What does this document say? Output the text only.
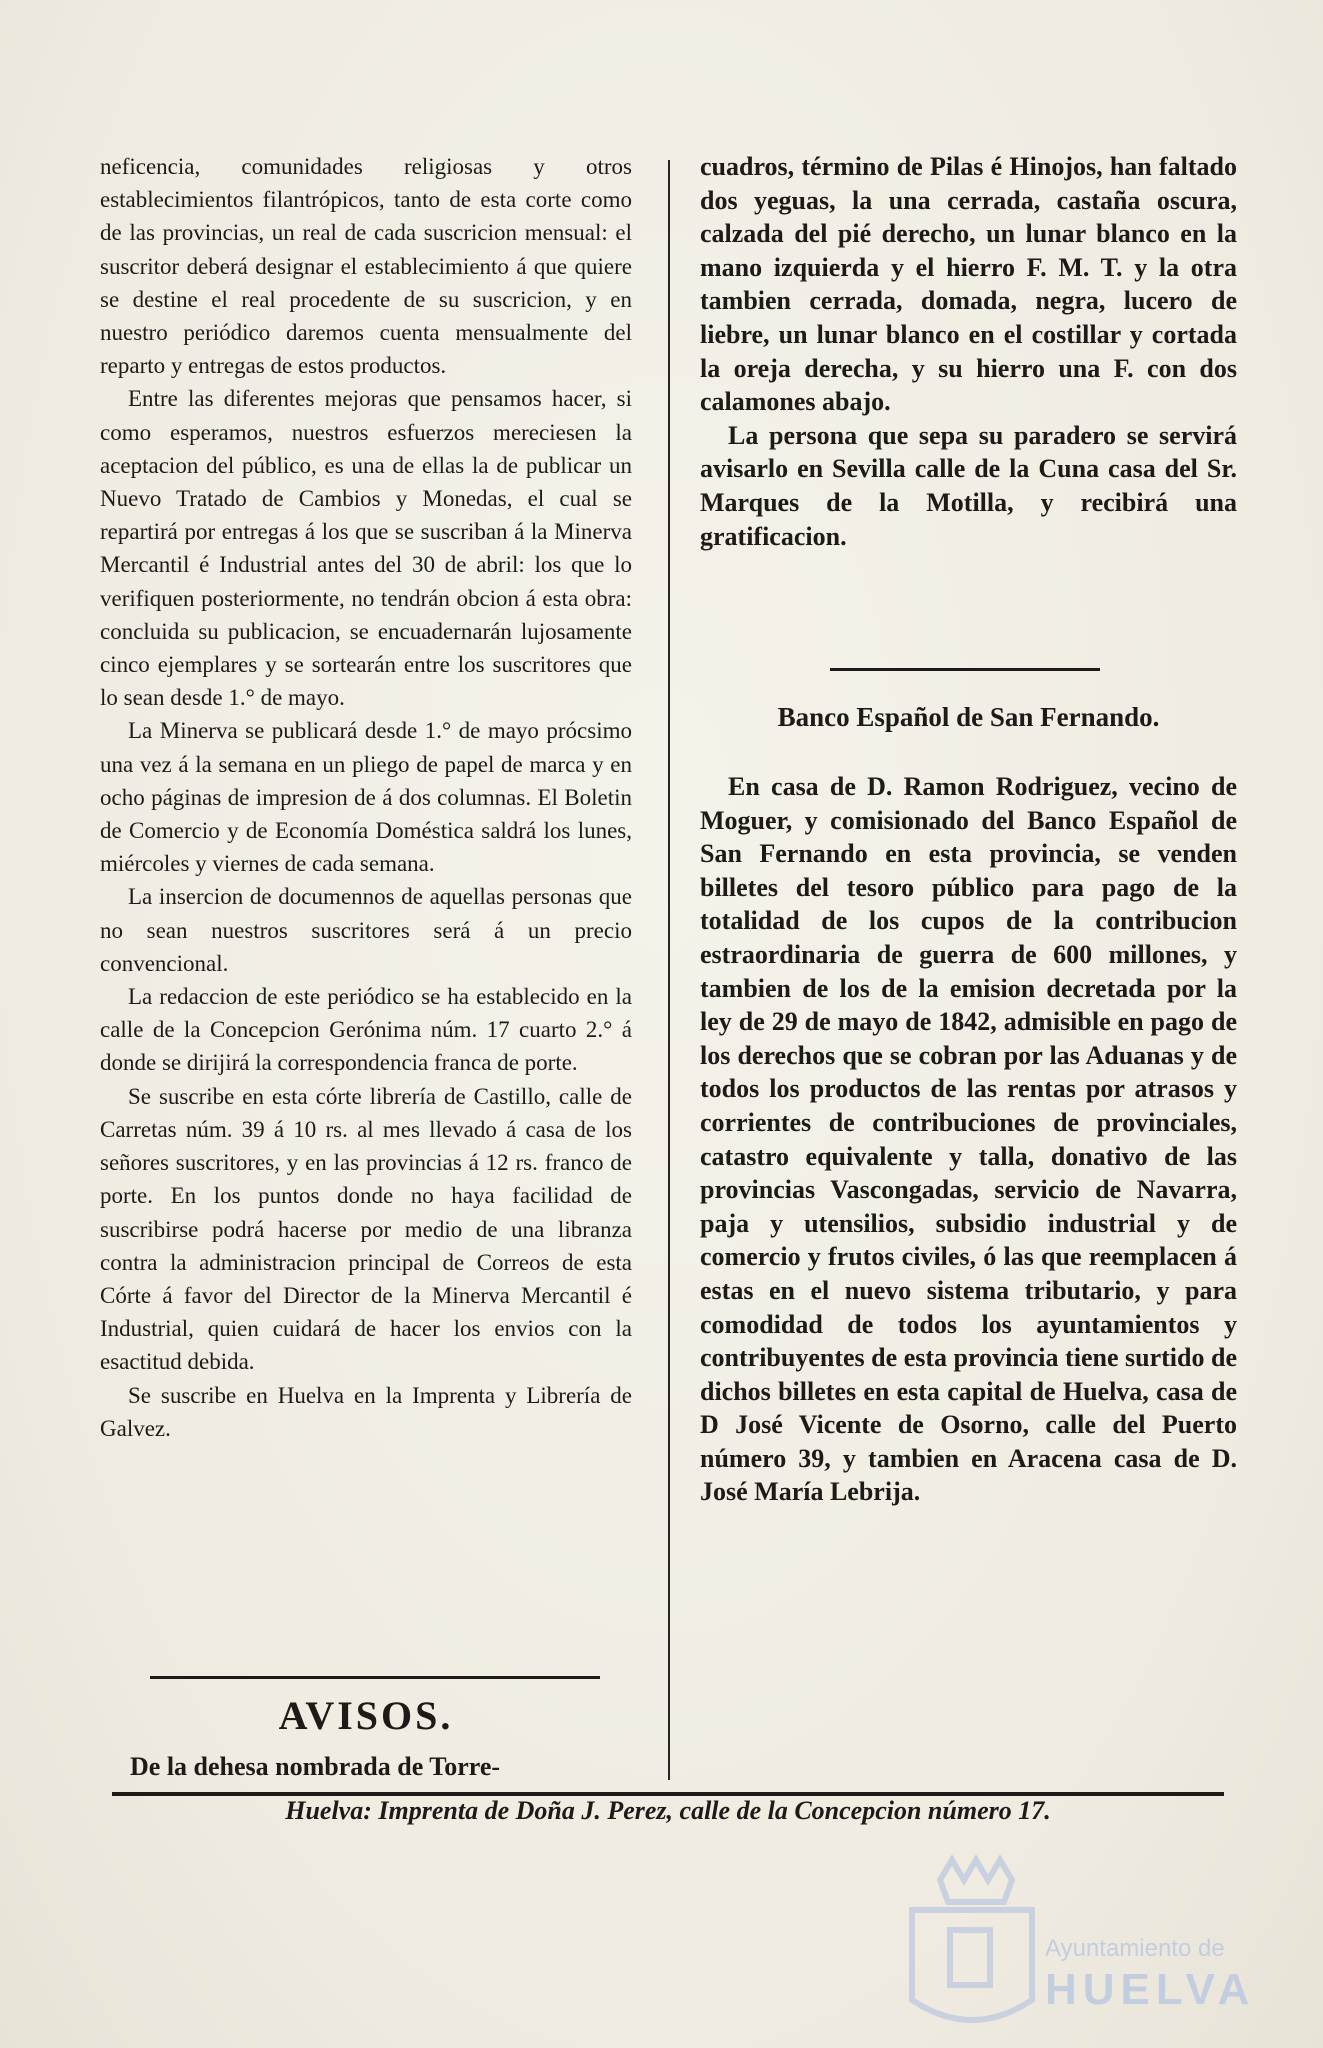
neficencia, comunidades religiosas y otros establecimientos filantrópicos, tanto de esta corte como de las provincias, un real de cada suscricion mensual: el suscritor deberá designar el establecimiento á que quiere se destine el real procedente de su suscricion, y en nuestro periódico daremos cuenta mensualmente del reparto y entregas de estos productos.

Entre las diferentes mejoras que pensamos hacer, si como esperamos, nuestros esfuerzos mereciesen la aceptacion del público, es una de ellas la de publicar un Nuevo Tratado de Cambios y Monedas, el cual se repartirá por entregas á los que se suscriban á la Minerva Mercantil é Industrial antes del 30 de abril: los que lo verifiquen posteriormente, no tendrán obcion á esta obra: concluida su publicacion, se encuadernarán lujosamente cinco ejemplares y se sortearán entre los suscritores que lo sean desde 1.° de mayo.

La Minerva se publicará desde 1.° de mayo prócsimo una vez á la semana en un pliego de papel de marca y en ocho páginas de impresion de á dos columnas. El Boletin de Comercio y de Economía Doméstica saldrá los lunes, miércoles y viernes de cada semana.

La insercion de documennos de aquellas personas que no sean nuestros suscritores será á un precio convencional.

La redaccion de este periódico se ha establecido en la calle de la Concepcion Gerónima núm. 17 cuarto 2.° á donde se dirijirá la correspondencia franca de porte.

Se suscribe en esta córte librería de Castillo, calle de Carretas núm. 39 á 10 rs. al mes llevado á casa de los señores suscritores, y en las provincias á 12 rs. franco de porte. En los puntos donde no haya facilidad de suscribirse podrá hacerse por medio de una libranza contra la administracion principal de Correos de esta Córte á favor del Director de la Minerva Mercantil é Industrial, quien cuidará de hacer los envios con la esactitud debida.

Se suscribe en Huelva en la Imprenta y Librería de Galvez.

AVISOS.
De la dehesa nombrada de Torre-

cuadros, término de Pilas é Hinojos, han faltado dos yeguas, la una cerrada, castaña oscura, calzada del pié derecho, un lunar blanco en la mano izquierda y el hierro F. M. T. y la otra tambien cerrada, domada, negra, lucero de liebre, un lunar blanco en el costillar y cortada la oreja derecha, y su hierro una F. con dos calamones abajo.

La persona que sepa su paradero se servirá avisarlo en Sevilla calle de la Cuna casa del Sr. Marques de la Motilla, y recibirá una gratificacion.

Banco Español de San Fernando.

En casa de D. Ramon Rodriguez, vecino de Moguer, y comisionado del Banco Español de San Fernando en esta provincia, se venden billetes del tesoro público para pago de la totalidad de los cupos de la contribucion estraordinaria de guerra de 600 millones, y tambien de los de la emision decretada por la ley de 29 de mayo de 1842, admisible en pago de los derechos que se cobran por las Aduanas y de todos los productos de las rentas por atrasos y corrientes de contribuciones de provinciales, catastro equivalente y talla, donativo de las provincias Vascongadas, servicio de Navarra, paja y utensilios, subsidio industrial y de comercio y frutos civiles, ó las que reemplacen á estas en el nuevo sistema tributario, y para comodidad de todos los ayuntamientos y contribuyentes de esta provincia tiene surtido de dichos billetes en esta capital de Huelva, casa de D José Vicente de Osorno, calle del Puerto número 39, y tambien en Aracena casa de D. José María Lebrija.

Huelva: Imprenta de Doña J. Perez, calle de la Concepcion número 17.
Ayuntamiento de
HUELVA
